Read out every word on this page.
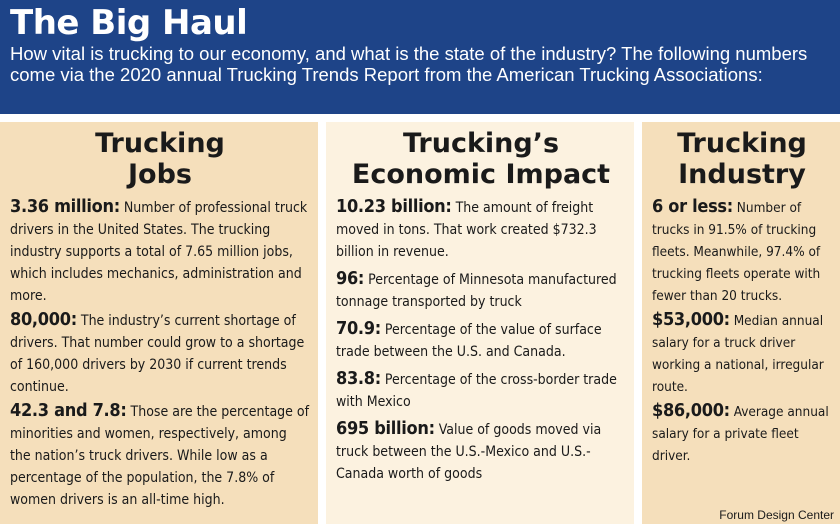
The Big Haul
How vital is trucking to our economy, and what is the state of the industry? The following numbers come via the 2020 annual Trucking Trends Report from the American Trucking Associations:
Trucking
Jobs
3.36 million: Number of professional truck drivers in the United States. The trucking industry supports a total of 7.65 million jobs, which includes mechanics, administration and more.
80,000: The industry’s current shortage of drivers. That number could grow to a shortage of 160,000 drivers by 2030 if current trends continue.
42.3 and 7.8: Those are the percentage of minorities and women, respectively, among the nation’s truck drivers. While low as a percentage of the population, the 7.8% of women drivers is an all-time high.
Trucking’s
Economic Impact
10.23 billion: The amount of freight moved in tons. That work created $732.3 billion in revenue.
96: Percentage of Minnesota manufactured tonnage transported by truck
70.9: Percentage of the value of surface trade between the U.S. and Canada.
83.8: Percentage of the cross-border trade with Mexico
695 billion: Value of goods moved via truck between the U.S.-Mexico and U.S.-Canada worth of goods
Trucking
Industry
6 or less: Number of trucks in 91.5% of trucking fleets. Meanwhile, 97.4% of trucking fleets operate with fewer than 20 trucks.
$53,000: Median annual salary for a truck driver working a national, irregular route.
$86,000: Average annual salary for a private fleet driver.
Forum Design Center
